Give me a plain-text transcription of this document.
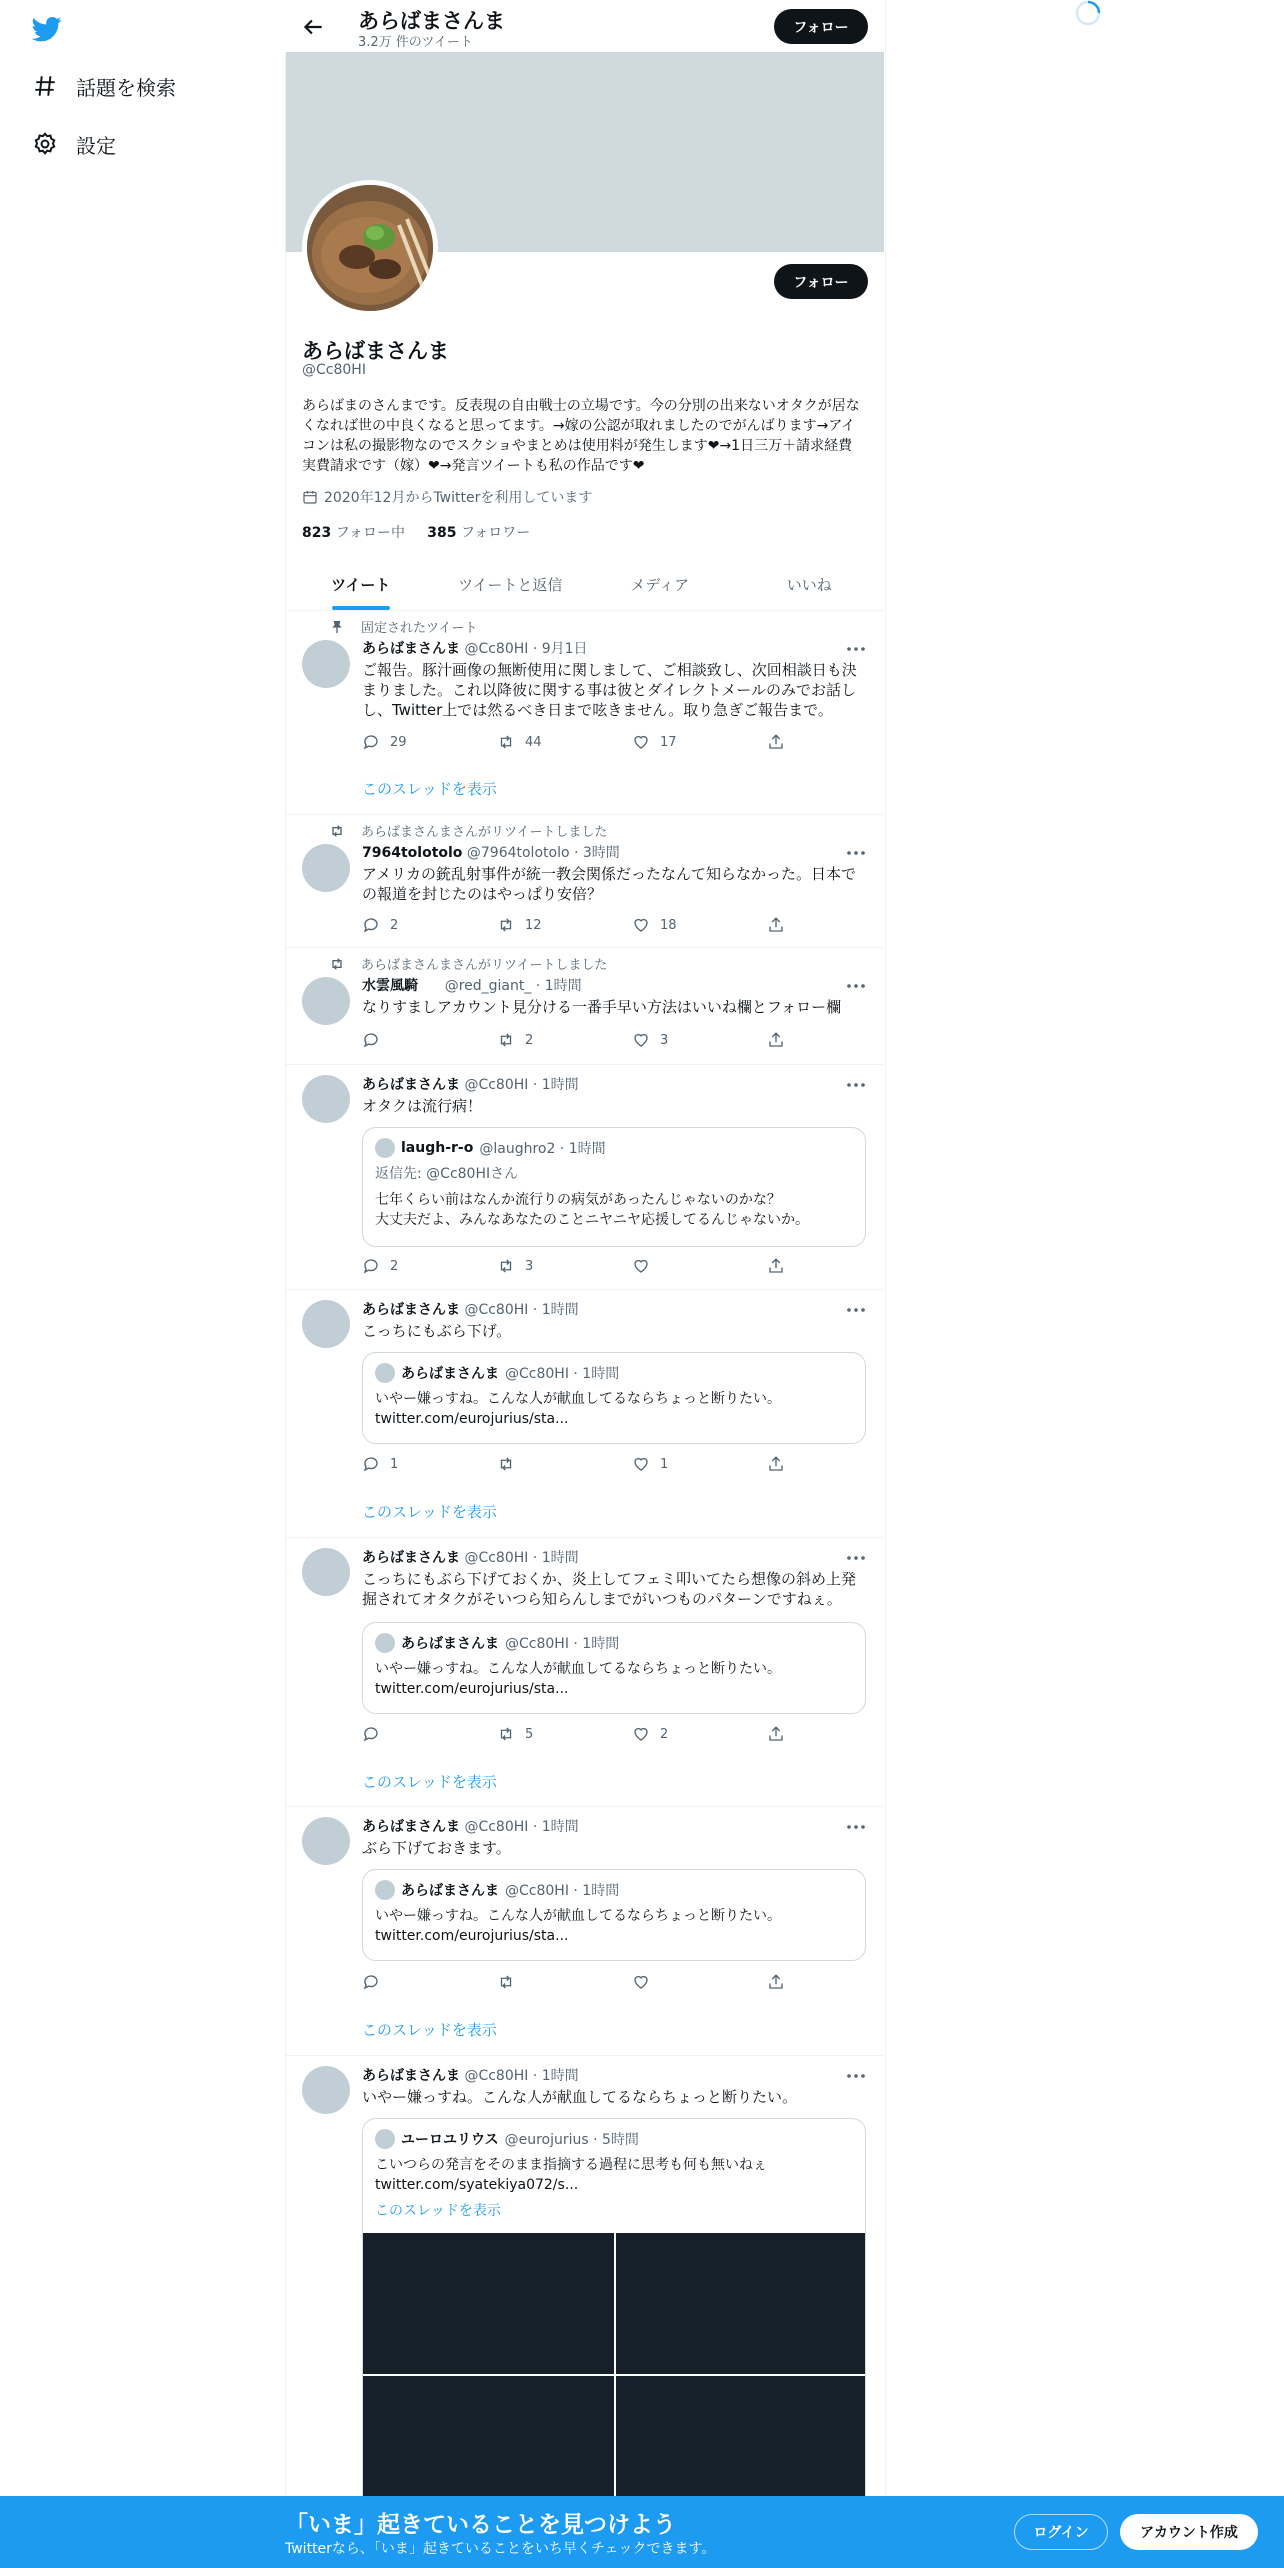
話題を検索
設定
あらばまさんま
3.2万 件のツイート
フォロー
フォロー
あらばまさんま
@Cc80HI
あらばまのさんまです。反表現の自由戦士の立場です。今の分別の出来ないオタクが居なくなれば世の中良くなると思ってます。→嫁の公認が取れましたのでがんばります→アイコンは私の撮影物なのでスクショやまとめは使用料が発生します❤→1日三万＋請求経費実費請求です（嫁）❤→発言ツイートも私の作品です❤
2020年12月からTwitterを利用しています
823 フォロー中 385 フォロワー
ツイート	ツイートと返信	メディア	いいね
固定されたツイート
あらばまさんま @Cc80HI · 9月1日
ご報告。豚汁画像の無断使用に関しまして、ご相談致し、次回相談日も決まりました。これ以降彼に関する事は彼とダイレクトメールのみでお話しし、Twitter上では然るべき日まで呟きません。取り急ぎご報告まで。
29	44	17
このスレッドを表示
あらばまさんまさんがリツイートしました
7964tolotolo @7964tolotolo · 3時間
アメリカの銃乱射事件が統一教会関係だったなんて知らなかった。日本での報道を封じたのはやっぱり安倍？
2	12	18
あらばまさんまさんがリツイートしました
水雲風騎 @red_giant_ · 1時間
なりすましアカウント見分ける一番手早い方法はいいね欄とフォロー欄
2	3
あらばまさんま @Cc80HI · 1時間
オタクは流行病！
laugh-r-o @laughro2 · 1時間
返信先: @Cc80HIさん
七年くらい前はなんか流行りの病気があったんじゃないのかな？
大丈夫だよ、みんなあなたのことニヤニヤ応援してるんじゃないか。
2	3
あらばまさんま @Cc80HI · 1時間
こっちにもぶら下げ。
あらばまさんま @Cc80HI · 1時間
いやー嫌っすね。こんな人が献血してるならちょっと断りたい。
twitter.com/eurojurius/sta...
1	1
このスレッドを表示
あらばまさんま @Cc80HI · 1時間
こっちにもぶら下げておくか、炎上してフェミ叩いてたら想像の斜め上発掘されてオタクがそいつら知らんしまでがいつものパターンですねぇ。
あらばまさんま @Cc80HI · 1時間
いやー嫌っすね。こんな人が献血してるならちょっと断りたい。
twitter.com/eurojurius/sta...
5	2
このスレッドを表示
あらばまさんま @Cc80HI · 1時間
ぶら下げておきます。
あらばまさんま @Cc80HI · 1時間
いやー嫌っすね。こんな人が献血してるならちょっと断りたい。
twitter.com/eurojurius/sta...
このスレッドを表示
あらばまさんま @Cc80HI · 1時間
いやー嫌っすね。こんな人が献血してるならちょっと断りたい。
ユーロユリウス @eurojurius · 5時間
こいつらの発言をそのまま指摘する過程に思考も何も無いねぇ
twitter.com/syatekiya072/s...
このスレッドを表示
「いま」起きていることを見つけよう
Twitterなら、「いま」起きていることをいち早くチェックできます。
ログイン	アカウント作成
